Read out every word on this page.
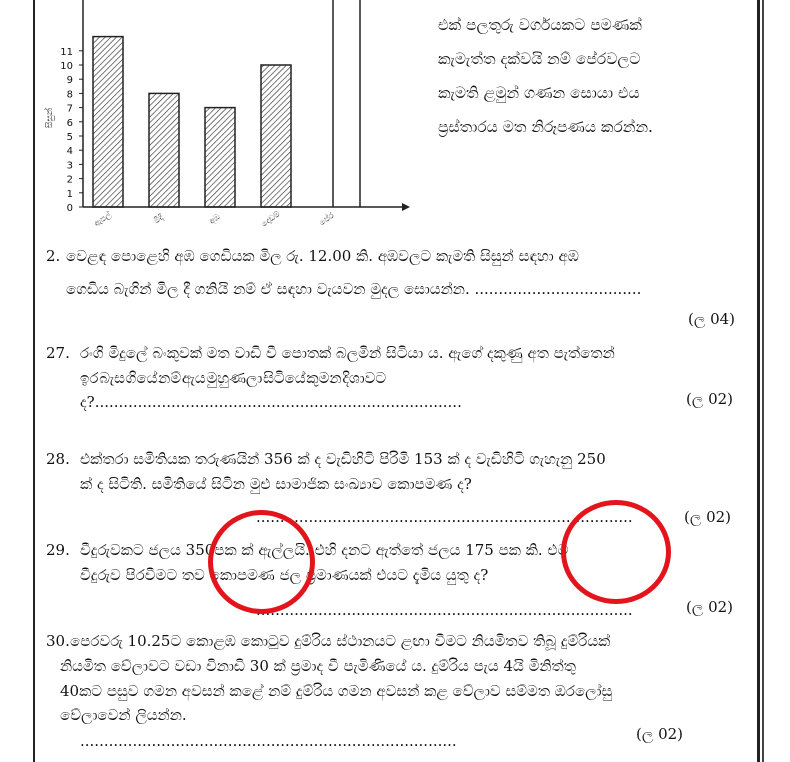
ඇපල්	මිදි	අඹ	දොඩම්	පේර
0
1
2
3
4
5
6
7
8
9
10
11
සිසුන්
එක් පලතුරු වර්ගයකට පමණක්
කැමැත්ත දක්වයි නම් පේරවලට
කැමති ළමුන් ගණන සොයා එය
ප්‍රස්තාරය මත නිරූපණය කරන්න.
2. වෙළඳ පොළෙහි අඹ ගෙඩියක මිල රු. 12.00 කි. අඹවලට කැමති සිසුන් සඳහා අඹ
ගෙඩිය බැගින් මිල දී ගනියි නම් ඒ සඳහා වැයවන මුදල සොයන්න. ...................................
(ල 04)
27. රංගි මිදුලේ බංකුවක් මත වාඩි වී පොතක් බලමින් සිටියා ය. ඇගේ දකුණු අත පැත්තෙන්
ඉර බැස ගියේ නම් ඇය මුහුණලා සිටියේ කුමන දිශාවට
ද?.............................................................................	(ල 02)
28. එක්තරා සමිතියක තරුණයින් 356 ක් ද වැඩිහිටි පිරිමි 153 ක් ද වැඩිහිටි ගැහැනු 250
ක් ද සිටිති. සමිතියේ සිටින මුළු සාමාජික සංඛ්‍යාව කොපමණ ද?
...............................................................................	(ල 02)
29. වීදුරුවකට ජලය 350පක ක් ඇල්ලයි. එහි දනට ඇත්තේ ජලය 175 පක කි. එම
වීදුරුව පිරවීමට තව කොපමණ ජල ප්‍රමාණයක් එයට දැමිය යුතු ද?
...............................................................................	(ල 02)
30. පෙරවරු 10.25ට කොළඹ කොටුව දුම්රිය ස්ථානයට ළඟා වීමට නියමිතව තිබූ දුම්රියක්
නියමිත වේලාවට වඩා විනාඩි 30 ක් ප්‍රමාද වී පැමිණියේ ය. දුම්රිය පැය 4යි මිනිත්තු
40කට පසුව ගමන අවසන් කළේ නම් දුම්රිය ගමන අවසන් කළ වේලාව සම්මත ඔරලෝසු
වේලාවෙන් ලියන්න.
...............................................................................	(ල 02)
